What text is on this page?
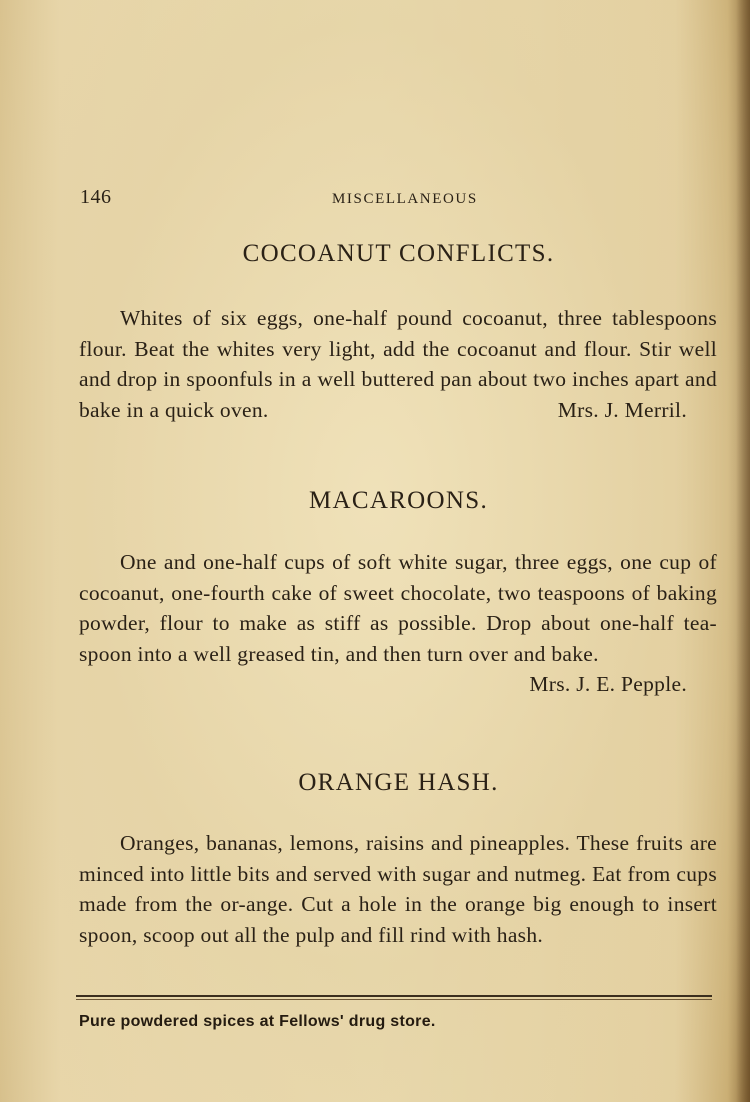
146	MISCELLANEOUS
COCOANUT CONFLICTS.

Whites of six eggs, one-half pound cocoanut, three tablespoons flour. Beat the whites very light, add the cocoanut and flour. Stir well and drop in spoonfuls in a well buttered pan about two inches apart and bake in a quick oven.	Mrs. J. Merril.

MACAROONS.

One and one-half cups of soft white sugar, three eggs, one cup of cocoanut, one-fourth cake of sweet chocolate, two teaspoons of baking powder, flour to make as stiff as possible. Drop about one-half tea-spoon into a well greased tin, and then turn over and bake.
Mrs. J. E. Pepple.

ORANGE HASH.

Oranges, bananas, lemons, raisins and pineapples. These fruits are minced into little bits and served with sugar and nutmeg. Eat from cups made from the or-ange. Cut a hole in the orange big enough to insert spoon, scoop out all the pulp and fill rind with hash.

Pure powdered spices at Fellows' drug store.
